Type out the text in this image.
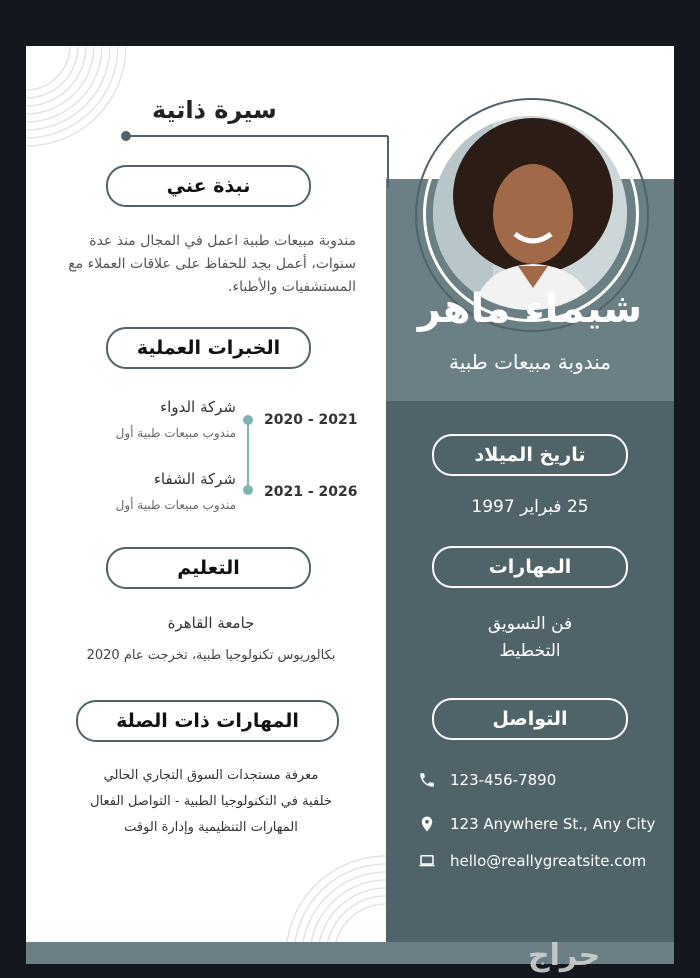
سيرة ذاتية
شيماء ماهر
مندوبة مبيعات طبية
تاريخ الميلاد
25 فبراير 1997
المهارات
فن التسويق
التخطيط
التواصل
123-456-7890
123 Anywhere St., Any City
hello@reallygreatsite.com
نبذة عني
مندوبة مبيعات طبية اعمل في المجال منذ عدة سنوات، أعمل بجد للحفاظ على علاقات العملاء مع المستشفيات والأطباء.
الخبرات العملية
شركة الدواء
مندوب مبيعات طبية أول
2020 - 2021
شركة الشفاء
مندوب مبيعات طبية أول
2021 - 2026
التعليم
جامعة القاهرة
بكالوريوس تكنولوجيا طبية، تخرجت عام 2020
المهارات ذات الصلة
معرفة مستجدات السوق التجاري الحالي
خلفية في التكنولوجيا الطبية - التواصل الفعال
المهارات التنظيمية وإدارة الوقت
حراج
